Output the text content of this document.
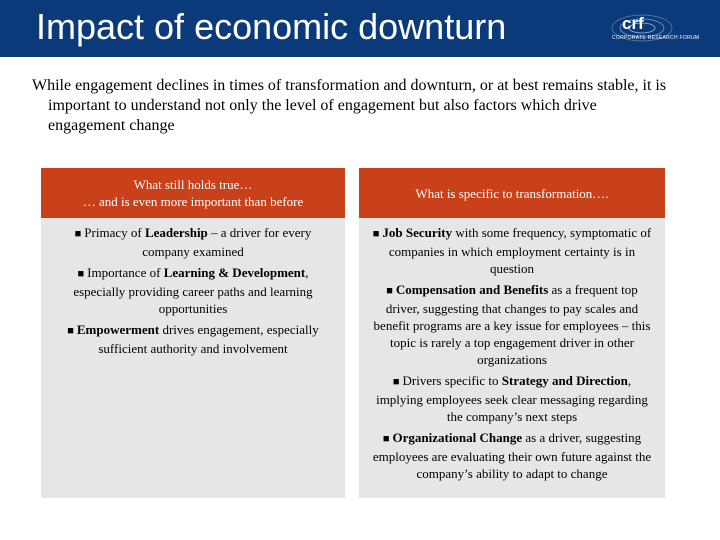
Impact of economic downturn	crf
CORPORATE RESEARCH FORUM

While engagement declines in times of transformation and downturn, or at best remains stable, it is important to understand not only the level of engagement but also factors which drive engagement change

What still holds true…
… and is even more important than before
■ Primacy of Leadership – a driver for every company examined
■ Importance of Learning & Development, especially providing career paths and learning opportunities
■ Empowerment drives engagement, especially sufficient authority and involvement
What is specific to transformation….
■ Job Security with some frequency, symptomatic of companies in which employment certainty is in question
■ Compensation and Benefits as a frequent top driver, suggesting that changes to pay scales and benefit programs are a key issue for employees – this topic is rarely a top engagement driver in other organizations
■ Drivers specific to Strategy and Direction, implying employees seek clear messaging regarding the company’s next steps
■ Organizational Change as a driver, suggesting employees are evaluating their own future against the company’s ability to adapt to change
